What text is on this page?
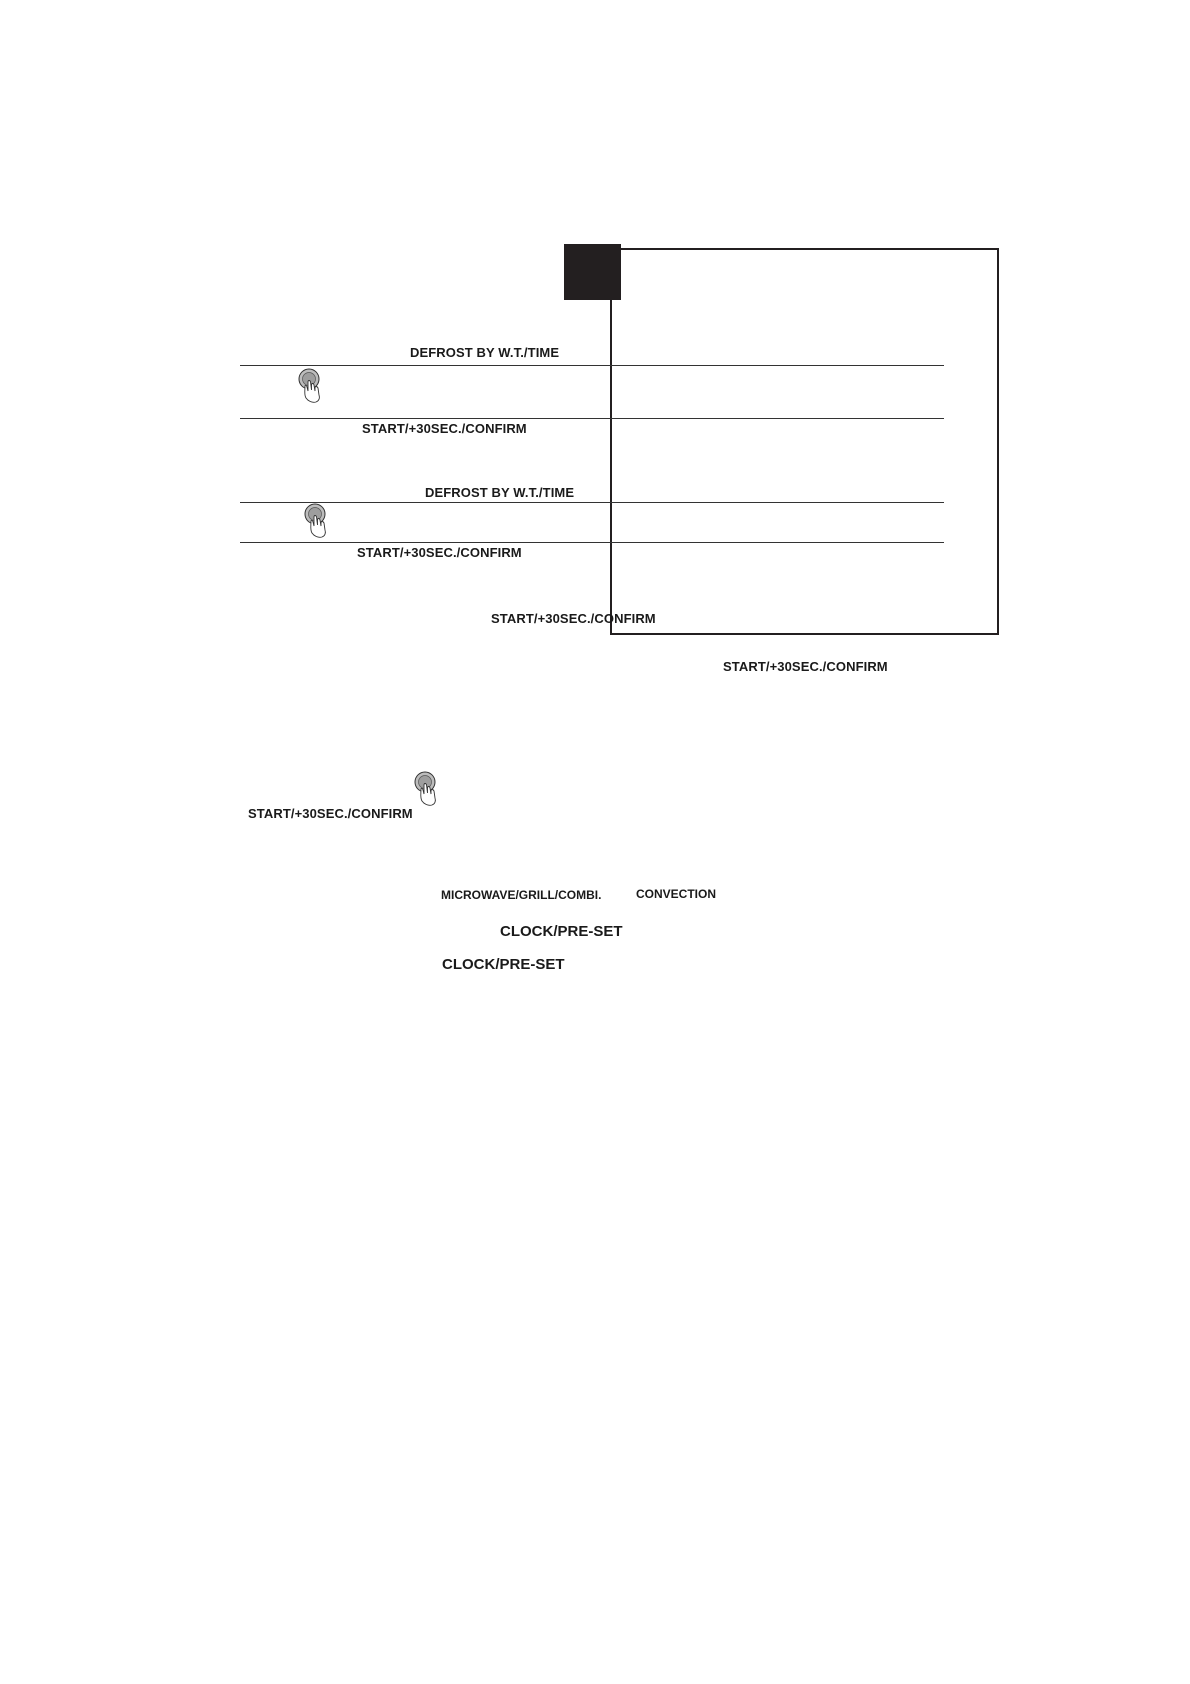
DEFROST BY W.T./TIME
START/+30SEC./CONFIRM
DEFROST BY W.T./TIME
START/+30SEC./CONFIRM
START/+30SEC./CONFIRM
START/+30SEC./CONFIRM
START/+30SEC./CONFIRM
MICROWAVE/GRILL/COMBI.	CONVECTION
CLOCK/PRE-SET
CLOCK/PRE-SET
